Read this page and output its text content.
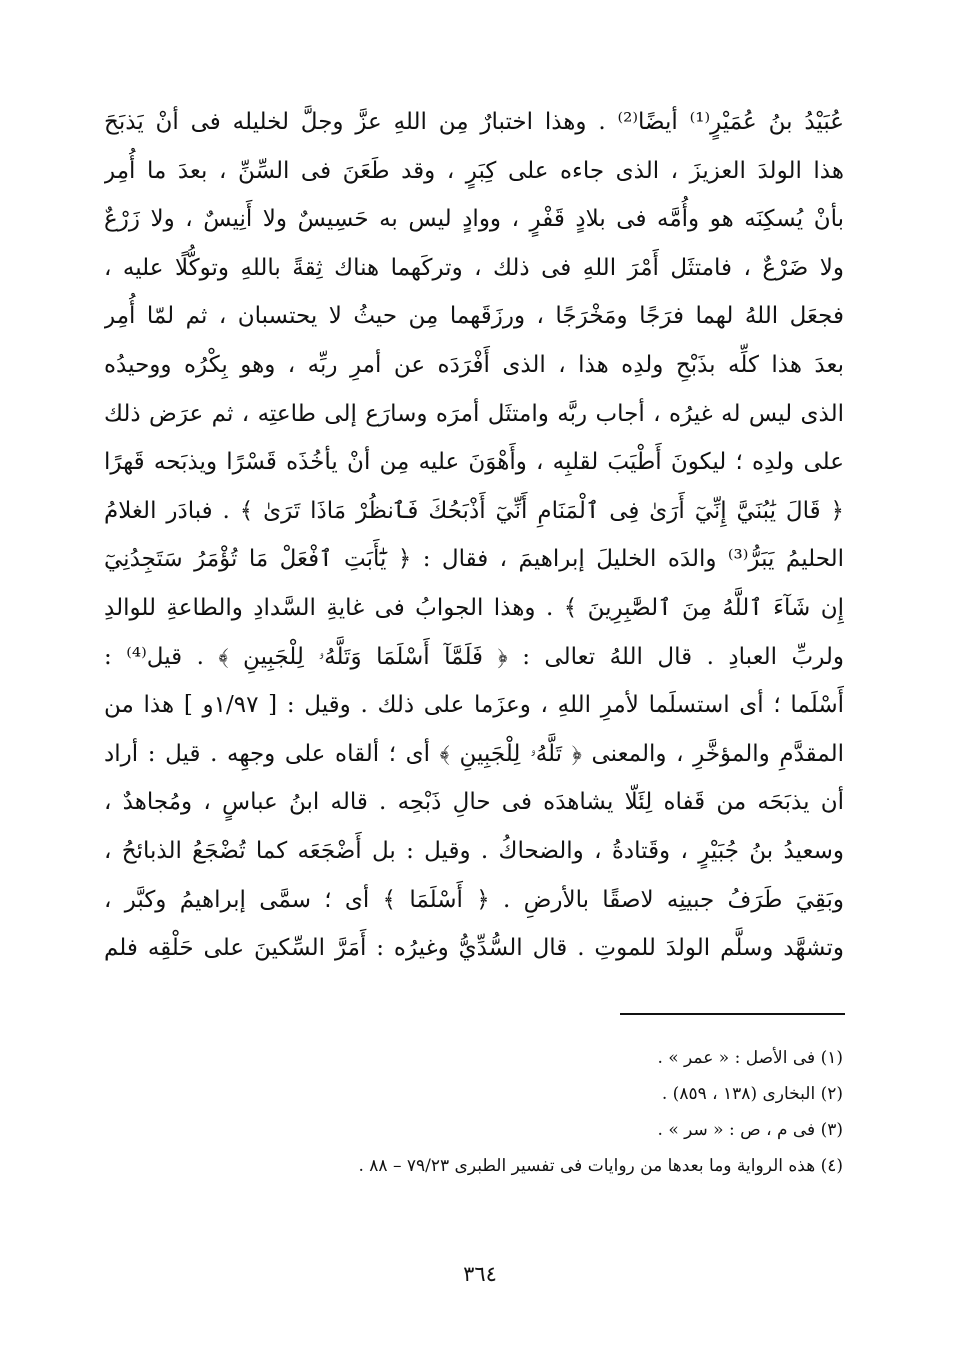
عُبَيْدُ بنُ عُمَيْرٍ⁽¹⁾ أيضًا⁽²⁾ . وهذا اختبارٌ مِن اللهِ عزَّ وجلَّ لخليله فى أنْ يَذبَحَ
هذا الولدَ العزيزَ ، الذى جاءه على كِبَرٍ ، وقد طَعَنَ فى السِّنِّ ، بعدَ ما أُمِر
بأنْ يُسكِنَه هو وأُمَّه فى بلادٍ قَفْرٍ ، ووادٍ ليس به حَسِيسٌ ولا أَنِيسٌ ، ولا زَرْعٌ
ولا ضَرْعٌ ، فامتثَل أَمْرَ اللهِ فى ذلك ، وتركَهما هناك ثِقةً باللهِ وتوكُّلًا عليه ،
فجعَل اللهُ لهما فرَجًا ومَخْرَجًا ، ورزَقَهما مِن حيثُ لا يحتسبان ، ثم لمّا أُمِر
بعدَ هذا كلِّه بذَبْحِ ولدِه هذا ، الذى أَفْرَدَه عن أمرِ ربِّه ، وهو بِكْرُه ووحيدُه
الذى ليس له غيرُه ، أجاب ربَّه وامتثَل أمرَه وسارَع إلى طاعتِه ، ثم عرَض ذلك
على ولدِه ؛ ليكونَ أَطْيَبَ لقلبِه ، وأَهْوَنَ عليه مِن أنْ يأخُذَه قَسْرًا ويذبَحه قَهرًا
﴿ قَالَ يَٰبُنَيَّ إِنِّيٓ أَرَىٰ فِى ٱلْمَنَامِ أَنِّيٓ أَذْبَحُكَ فَٱنظُرْ مَاذَا تَرَىٰ ﴾ . فبادَر الغلامُ
الحليمُ يَبَرُّ⁽³⁾ والدَه الخليلَ إبراهيمَ ، فقال : ﴿ يَٰٓأَبَتِ ٱفْعَلْ مَا تُؤْمَرُ سَتَجِدُنِيٓ
إِن شَآءَ ٱللَّهُ مِنَ ٱلصَّٰبِرِينَ ﴾ . وهذا الجوابُ فى غايةِ السَّدادِ والطاعةِ للوالدِ
ولربِّ العبادِ . قال اللهُ تعالى : ﴿ فَلَمَّآ أَسْلَمَا وَتَلَّهُۥ لِلْجَبِينِ ﴾ . قيل⁽⁴⁾ :
أَسْلَما ؛ أى استسلَما لأمرِ اللهِ ، وعزَما على ذلك . وقيل : [ ١/٩٧و ] هذا من
المقدَّمِ والمؤخَّرِ ، والمعنى ﴿ تَلَّهُۥ لِلْجَبِينِ ﴾ أى ؛ ألقاه على وجهِه . قيل : أراد
أن يذبَحَه من قَفاه لِئَلّا يشاهدَه فى حالِ ذَبْحِه . قاله ابنُ عباسٍ ، ومُجاهدٌ ،
وسعيدُ بنُ جُبَيْرٍ ، وقَتادةُ ، والضحاكُ . وقيل : بل أَضْجَعَه كما تُضْجَعُ الذبائحُ ،
وبَقِيَ طَرَفُ جبينِه لاصقًا بالأرضِ . ﴿ أَسْلَمَا ﴾ أى ؛ سمَّى إبراهيمُ وكبَّر ،
وتشهَّد وسلَّم الولدَ للموتِ . قال السُّدِّيُّ وغيرُه : أَمَرَّ السِّكينَ على حَلْقِه فلم
(١) فى الأصل : « عمر » .
(٢) البخارى (١٣٨ ، ٨٥٩) .
(٣) فى م ، ص : « سر » .
(٤) هذه الرواية وما بعدها من روايات فى تفسير الطبرى ٧٩/٢٣ – ٨٨ .
٣٦٤
